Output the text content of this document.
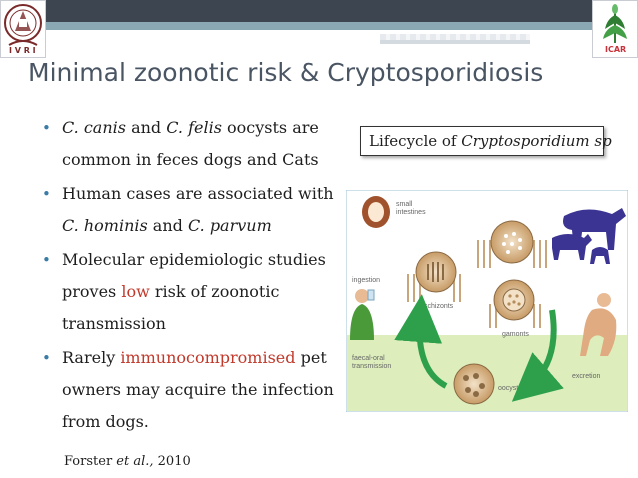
I V R I	ICAR
Minimal zoonotic risk & Cryptosporidiosis
• C. canis and C. felis oocysts are
common in feces dogs and Cats
• Human cases are associated with
C. hominis and C. parvum
• Molecular epidemiologic studies
proves low risk of zoonotic
transmission
• Rarely immunocompromised pet
owners may acquire the infection
from dogs.
Lifecycle of Cryptosporidium sp
small
intestines
schizonts
gamonts
ingestion
excretion
oocysts
faecal-oral
transmission
Forster et al., 2010
